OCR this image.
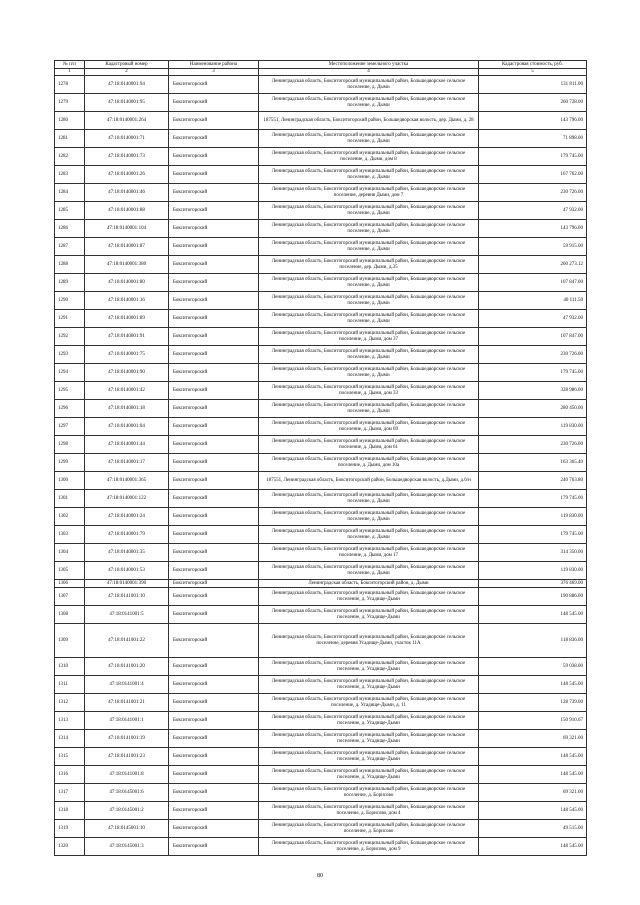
№ п/п	Кадастровый номер	Наименование района	Местоположение земельного участка	Кадастровая стоимость, руб.
1	2	3	4	5
1278	47:18:0140001:94	Бокситогорский	Ленинградская область, Бокситогорский муниципальный район, Большедворское сельское поселение, д. Дыми	131 811.00
1279	47:18:0140001:95	Бокситогорский	Ленинградская область, Бокситогорский муниципальный район, Большедворское сельское поселение, д. Дыми	260 728.00
1280	47:18:0140001:264	Бокситогорский	187551, Ленинградская область, Бокситогорский район, Большедворская волость, дер. Дыми, д. 28	143 796.00
1281	47:18:0140001:71	Бокситогорский	Ленинградская область, Бокситогорский муниципальный район, Большедворское сельское поселение, д. Дыми	71 898.00
1282	47:18:0140001:73	Бокситогорский	Ленинградская область, Бокситогорский муниципальный район, Большедворское сельское поселение, д. Дыми, дом 8	179 745.00
1283	47:18:0140001:26	Бокситогорский	Ленинградская область, Бокситогорский муниципальный район, Большедворское сельское поселение, д. Дыми	167 762.00
1284	47:18:0140001:46	Бокситогорский	Ленинградская область, Бокситогорский муниципальный район, Большедворское сельское поселение, деревня Дыми, дом 7	230 726.00
1285	47:18:0140001:88	Бокситогорский	Ленинградская область, Бокситогорский муниципальный район, Большедворское сельское поселение, д. Дыми	47 932.00
1286	47:18:0140001:104	Бокситогорский	Ленинградская область, Бокситогорский муниципальный район, Большедворское сельское поселение, д. Дыми	143 796.00
1287	47:18:0140001:87	Бокситогорский	Ленинградская область, Бокситогорский муниципальный район, Большедворское сельское поселение, д. Дыми	59 915.00
1288	47:18:0140001:380	Бокситогорский	Ленинградская область, Бокситогорский муниципальный район, Большедворское сельское поселение, дер. Дыми, д.35	260 273.12
1289	47:18:0140001:80	Бокситогорский	Ленинградская область, Бокситогорский муниципальный район, Большедворское сельское поселение, д. Дыми	107 847.00
1290	47:18:0140001:16	Бокситогорский	Ленинградская область, Бокситогорский муниципальный район, Большедворское сельское поселение, д. Дыми	40 111.50
1291	47:18:0140001:89	Бокситогорский	Ленинградская область, Бокситогорский муниципальный район, Большедворское сельское поселение, д. Дыми	47 932.00
1292	47:18:0140001:91	Бокситогорский	Ленинградская область, Бокситогорский муниципальный район, Большедворское сельское поселение, д. Дыми, дом 37	107 847.00
1293	47:18:0140001:75	Бокситогорский	Ленинградская область, Бокситогорский муниципальный район, Большедворское сельское поселение, д. Дыми	230 726.00
1294	47:18:0140001:90	Бокситогорский	Ленинградская область, Бокситогорский муниципальный район, Большедворское сельское поселение, д. Дыми	179 745.00
1295	47:18:0140001:42	Бокситогорский	Ленинградская область, Бокситогорский муниципальный район, Большедворское сельское поселение, д. Дыми, дом 33	328 986.00
1296	47:18:0140001:18	Бокситогорский	Ленинградская область, Бокситогорский муниципальный район, Большедворское сельское поселение, д. Дыми	280 450.00
1297	47:18:0140001:04	Бокситогорский	Ленинградская область, Бокситогорский муниципальный район, Большедворское сельское поселение, д. Дыми, дом 69	119 830.00
1298	47:18:0140001:44	Бокситогорский	Ленинградская область, Бокситогорский муниципальный район, Большедворское сельское поселение, д. Дыми, дом 61	230 726.00
1299	47:18:0140001:17	Бокситогорский	Ленинградская область, Бокситогорский муниципальный район, Большедворское сельское поселение, д. Дыми, дом 10а	163 365.40
1300	47:18:0140001:365	Бокситогорский	187551, Ленинградская область, Бокситогорский район, Большедворская волость, д.Дыми, д.6/н	240 763.80
1301	47:18:0140001:122	Бокситогорский	Ленинградская область, Бокситогорский муниципальный район, Большедворское сельское поселение, д. Дыми	179 745.00
1302	47:18:0140001:24	Бокситогорский	Ленинградская область, Бокситогорский муниципальный район, Большедворское сельское поселение, д. Дыми	119 830.00
1303	47:18:0140001:79	Бокситогорский	Ленинградская область, Бокситогорский муниципальный район, Большедворское сельское поселение, д. Дыми	179 745.00
1304	47:18:0140001:35	Бокситогорский	Ленинградская область, Бокситогорский муниципальный район, Большедворское сельское поселение, д. Дыми, дом 17	314 350.00
1305	47:18:0140001:53	Бокситогорский	Ленинградская область, Бокситогорский муниципальный район, Большедворское сельское поселение, д. Дыми	119 830.00
1306	47:18:0140001:390	Бокситогорский	Ленинградская область, Бокситогорский район, д. Дыми	376 469.00
1307	47:18:0141001:10	Бокситогорский	Ленинградская область, Бокситогорский муниципальный район, Большедворское сельское поселение, д. Усадище-Дыми	190 886.00
1308	47:18:0141001:5	Бокситогорский	Ленинградская область, Бокситогорский муниципальный район, Большедворское сельское поселение, д. Усадище-Дыми	148 545.00
1309	47:18:0141001:22	Бокситогорский	Ленинградская область, Бокситогорский муниципальный район, Большедворское сельское поселение, деревня Усадище-Дыми, участок 11А	118 836.00
1310	47:18:0141001:20	Бокситогорский	Ленинградская область, Бокситогорский муниципальный район, Большедворское сельское поселение, д. Усадище-Дыми	59 038.00
1311	47:18:0141001:4	Бокситогорский	Ленинградская область, Бокситогорский муниципальный район, Большедворское сельское поселение, д. Усадище-Дыми	148 545.00
1312	47:18:0141001:21	Бокситогорский	Ленинградская область, Бокситогорский муниципальный район, Большедворское сельское поселение, д. Усадище-Дыми, д. 11	128 739.00
1313	47:18:0141001:1	Бокситогорский	Ленинградская область, Бокситогорский муниципальный район, Большедворское сельское поселение, д. Усадище-Дыми	150 910.67
1314	47:18:0141001:19	Бокситогорский	Ленинградская область, Бокситогорский муниципальный район, Большедворское сельское поселение, д. Усадище-Дыми	69 321.00
1315	47:18:0141001:23	Бокситогорский	Ленинградская область, Бокситогорский муниципальный район, Большедворское сельское поселение, д. Усадище-Дыми	148 545.00
1316	47:18:0141001:8	Бокситогорский	Ленинградская область, Бокситогорский муниципальный район, Большедворское сельское поселение, д. Усадище-Дыми	148 545.00
1317	47:18:0145001:6	Бокситогорский	Ленинградская область, Бокситогорский муниципальный район, Большедворское сельское поселение, д. Борисово	69 321.00
1318	47:18:0145001:2	Бокситогорский	Ленинградская область, Бокситогорский муниципальный район, Большедворское сельское поселение, д. Борисово, дом 4	148 545.00
1319	47:18:0145001:10	Бокситогорский	Ленинградская область, Бокситогорский муниципальный район, Большедворское сельское поселение, д. Борисово	49 515.00
1320	47:18:0145001:3	Бокситогорский	Ленинградская область, Бокситогорский муниципальный район, Большедворское сельское поселение, д. Борисово, дом 9	148 545.00
80
